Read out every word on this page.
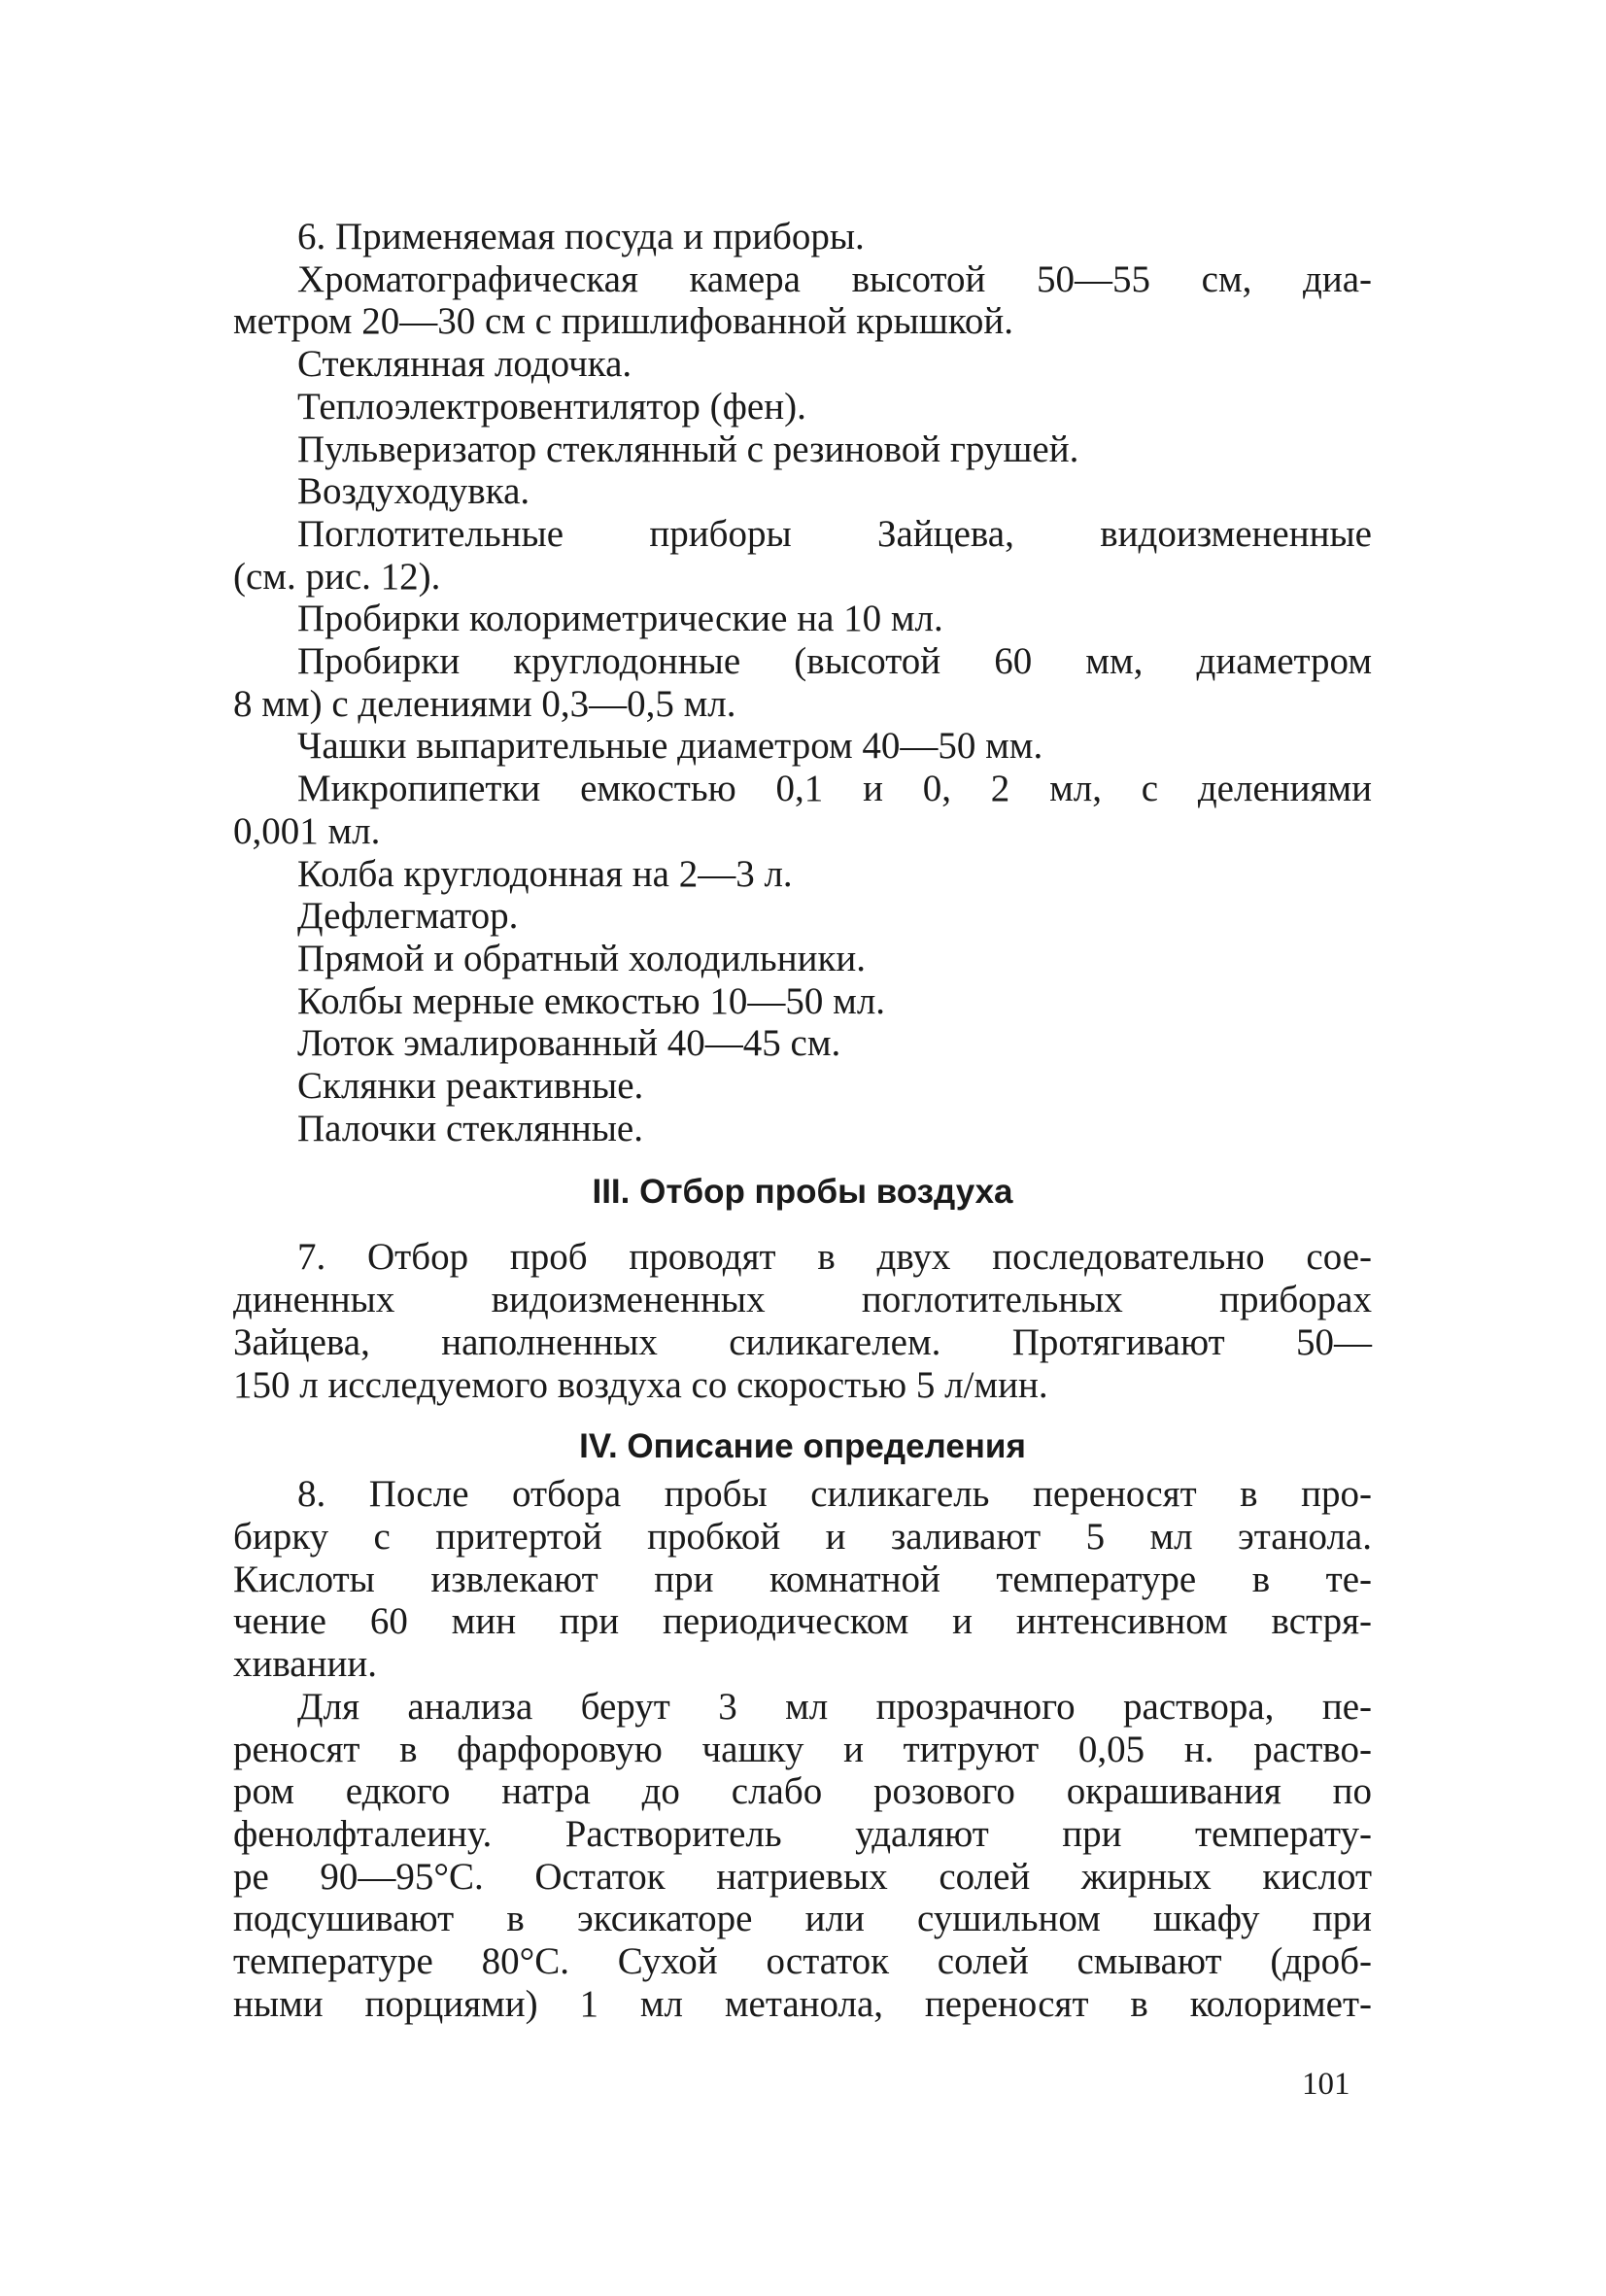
6. Применяемая посуда и приборы.
Хроматографическая камера высотой 50—55 см, диа-
метром 20—30 см с пришлифованной крышкой.
Стеклянная лодочка.
Теплоэлектровентилятор (фен).
Пульверизатор стеклянный с резиновой грушей.
Воздуходувка.
Поглотительные приборы Зайцева, видоизмененные
(см. рис. 12).
Пробирки колориметрические на 10 мл.
Пробирки круглодонные (высотой 60 мм, диаметром
8 мм) с делениями 0,3—0,5 мл.
Чашки выпарительные диаметром 40—50 мм.
Микропипетки емкостью 0,1 и 0, 2 мл, с делениями
0,001 мл.
Колба круглодонная на 2—3 л.
Дефлегматор.
Прямой и обратный холодильники.
Колбы мерные емкостью 10—50 мл.
Лоток эмалированный 40—45 см.
Склянки реактивные.
Палочки стеклянные.
III. Отбор пробы воздуха
7. Отбор проб проводят в двух последовательно сое-
диненных видоизмененных поглотительных приборах
Зайцева, наполненных силикагелем. Протягивают 50—
150 л исследуемого воздуха со скоростью 5 л/мин.
IV. Описание определения
8. После отбора пробы силикагель переносят в про-
бирку с притертой пробкой и заливают 5 мл этанола.
Кислоты извлекают при комнатной температуре в те-
чение 60 мин при периодическом и интенсивном встря-
хивании.
Для анализа берут 3 мл прозрачного раствора, пе-
реносят в фарфоровую чашку и титруют 0,05 н. раство-
ром едкого натра до слабо розового окрашивания по
фенолфталеину. Растворитель удаляют при температу-
ре 90—95°С. Остаток натриевых солей жирных кислот
подсушивают в эксикаторе или сушильном шкафу при
температуре 80°С. Сухой остаток солей смывают (дроб-
ными порциями) 1 мл метанола, переносят в колоримет-
101
